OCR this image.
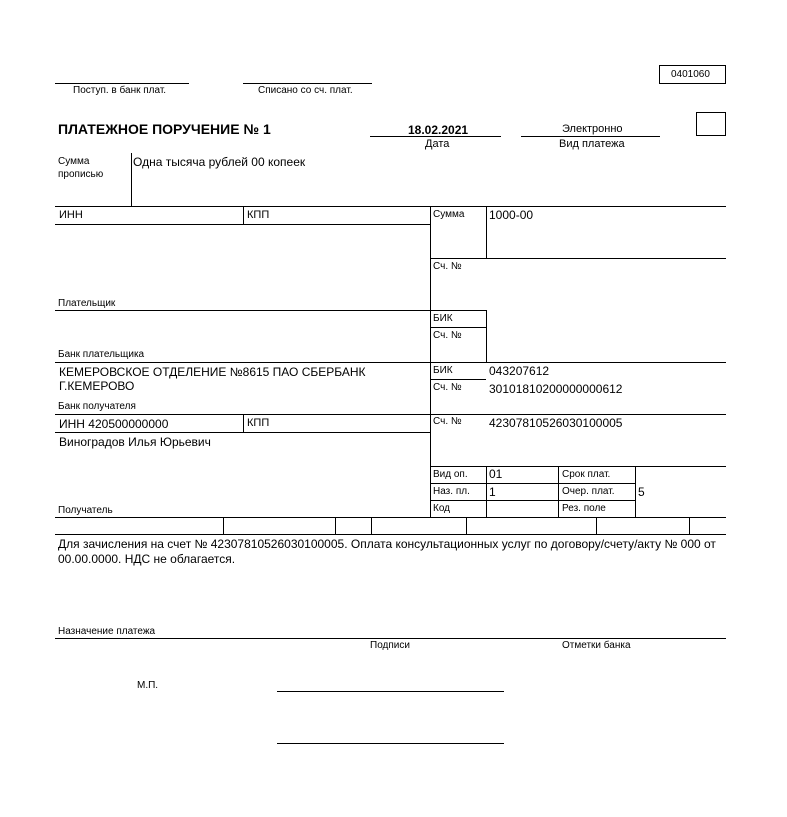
0401060
Поступ. в банк плат.	Списано со сч. плат.
ПЛАТЕЖНОЕ ПОРУЧЕНИЕ № 1	18.02.2021
Дата
Электронно
Вид платежа
Сумма
прописью
Одна тысяча рублей 00 копеек
ИНН	КПП	Сумма 1000-00
Сч. №
Плательщик
БИК
Сч. №
Банк плательщика
КЕМЕРОВСКОЕ ОТДЕЛЕНИЕ №8615 ПАО СБЕРБАНК
Г.КЕМЕРОВО
БИК	043207612
Сч. № 30101810200000000612
Банк получателя
ИНН 420500000000	КПП	Сч. № 42307810526030100005
Виноградов Илья Юрьевич
Получатель
Вид оп. 01	Срок плат.
Наз. пл. 1	Очер. плат. 5
Код	Рез. поле
Для зачисления на счет № 42307810526030100005. Оплата консультационных услуг по договору/счету/акту № 000 от
00.00.0000. НДС не облагается.
Назначение платежа
Подписи	Отметки банка
М.П.
